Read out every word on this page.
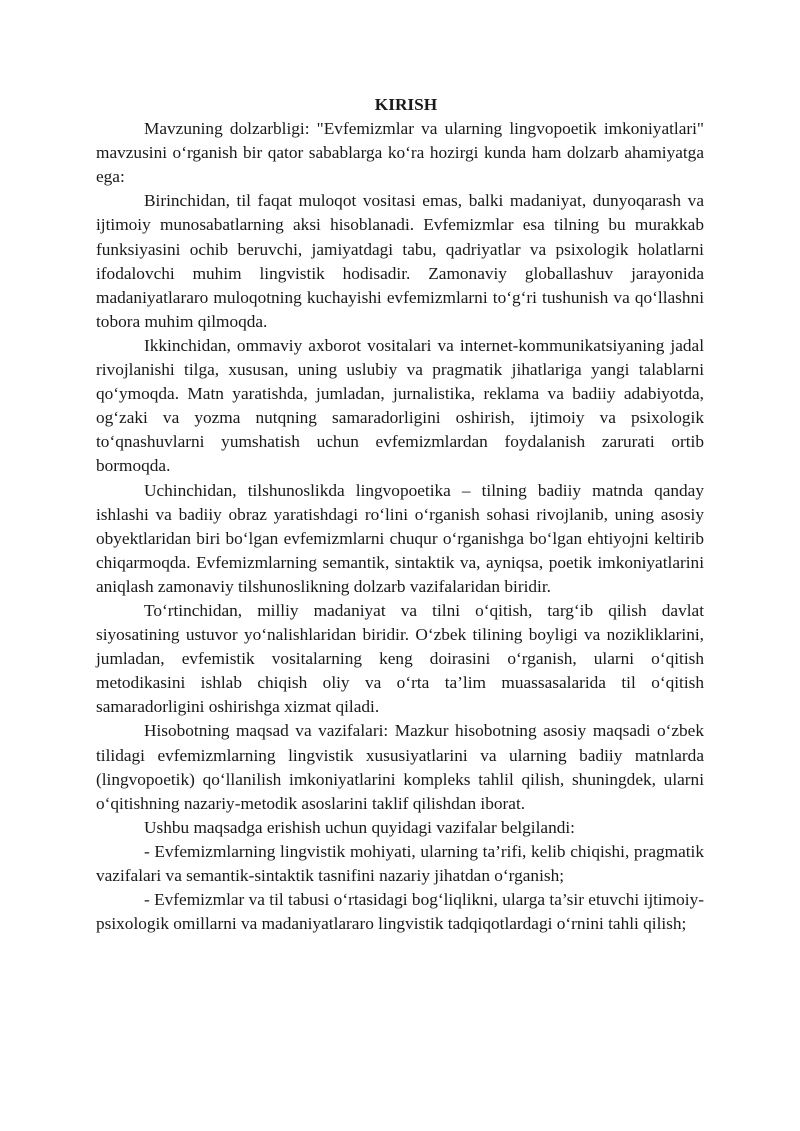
KIRISH

Mavzuning dolzarbligi: "Evfemizmlar va ularning lingvopoetik imkoniyatlari" mavzusini o‘rganish bir qator sabablarga ko‘ra hozirgi kunda ham dolzarb ahamiyatga ega:

Birinchidan, til faqat muloqot vositasi emas, balki madaniyat, dunyoqarash va ijtimoiy munosabatlarning aksi hisoblanadi. Evfemizmlar esa tilning bu murakkab funksiyasini ochib beruvchi, jamiyatdagi tabu, qadriyatlar va psixologik holatlarni ifodalovchi muhim lingvistik hodisadir. Zamonaviy globallashuv jarayonida madaniyatlararo muloqotning kuchayishi evfemizmlarni to‘g‘ri tushunish va qo‘llashni tobora muhim qilmoqda.

Ikkinchidan, ommaviy axborot vositalari va internet-kommunikatsiyaning jadal rivojlanishi tilga, xususan, uning uslubiy va pragmatik jihatlariga yangi talablarni qo‘ymoqda. Matn yaratishda, jumladan, jurnalistika, reklama va badiiy adabiyotda, og‘zaki va yozma nutqning samaradorligini oshirish, ijtimoiy va psixologik to‘qnashuvlarni yumshatish uchun evfemizmlardan foydalanish zarurati ortib bormoqda.

Uchinchidan, tilshunoslikda lingvopoetika – tilning badiiy matnda qanday ishlashi va badiiy obraz yaratishdagi ro‘lini o‘rganish sohasi rivojlanib, uning asosiy obyektlaridan biri bo‘lgan evfemizmlarni chuqur o‘rganishga bo‘lgan ehtiyojni keltirib chiqarmoqda. Evfemizmlarning semantik, sintaktik va, ayniqsa, poetik imkoniyatlarini aniqlash zamonaviy tilshunoslikning dolzarb vazifalaridan biridir.

To‘rtinchidan, milliy madaniyat va tilni o‘qitish, targ‘ib qilish davlat siyosatining ustuvor yo‘nalishlaridan biridir. O‘zbek tilining boyligi va nozikliklarini, jumladan, evfemistik vositalarning keng doirasini o‘rganish, ularni o‘qitish metodikasini ishlab chiqish oliy va o‘rta ta’lim muassasalarida til o‘qitish samaradorligini oshirishga xizmat qiladi.

Hisobotning maqsad va vazifalari: Mazkur hisobotning asosiy maqsadi o‘zbek tilidagi evfemizmlarning lingvistik xususiyatlarini va ularning badiiy matnlarda (lingvopoetik) qo‘llanilish imkoniyatlarini kompleks tahlil qilish, shuningdek, ularni o‘qitishning nazariy-metodik asoslarini taklif qilishdan iborat.

Ushbu maqsadga erishish uchun quyidagi vazifalar belgilandi:

- Evfemizmlarning lingvistik mohiyati, ularning ta’rifi, kelib chiqishi, pragmatik vazifalari va semantik-sintaktik tasnifini nazariy jihatdan o‘rganish;

- Evfemizmlar va til tabusi o‘rtasidagi bog‘liqlikni, ularga ta’sir etuvchi ijtimoiy-psixologik omillarni va madaniyatlararo lingvistik tadqiqotlardagi o‘rnini tahli qilish;
